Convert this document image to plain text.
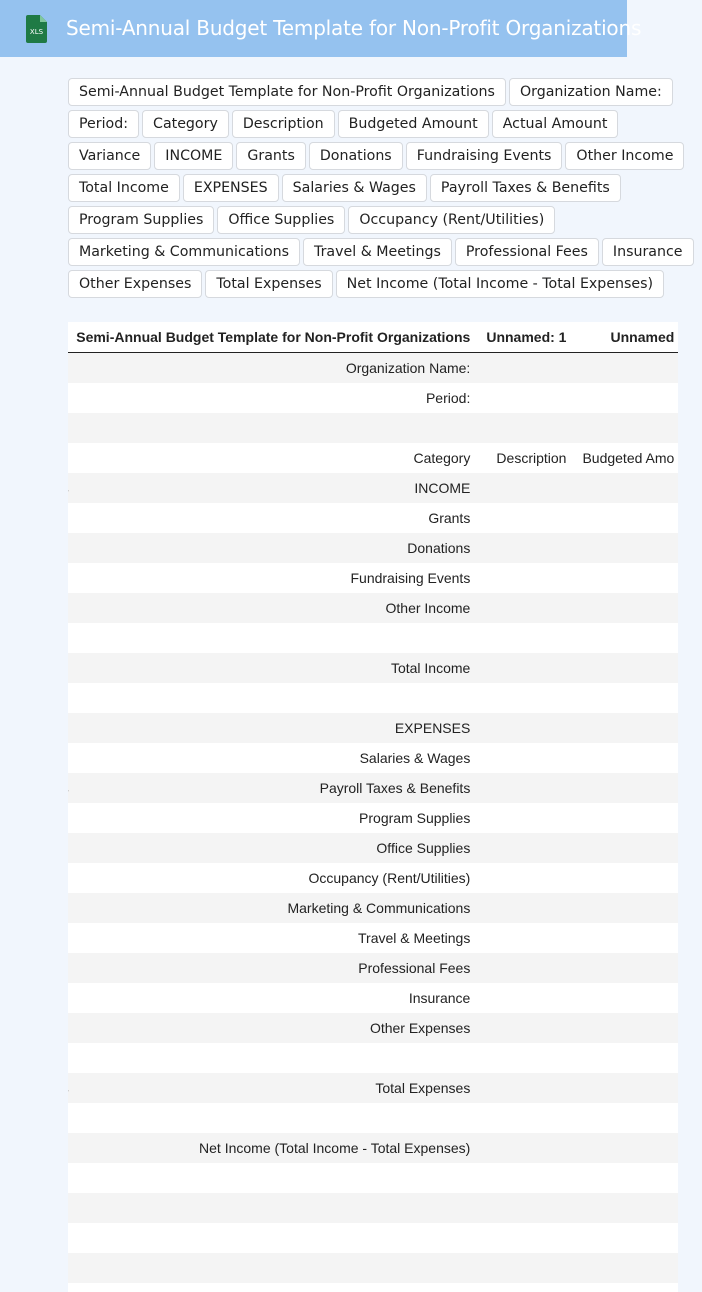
XLS Semi-Annual Budget Template for Non-Profit Organizations
Semi-Annual Budget Template for Non-Profit Organizations	Organization Name:
Period:	Category	Description	Budgeted Amount	Actual Amount
Variance	INCOME	Grants	Donations	Fundraising Events	Other Income
Total Income	EXPENSES	Salaries & Wages	Payroll Taxes & Benefits
Program Supplies	Office Supplies	Occupancy (Rent/Utilities)
Marketing & Communications	Travel & Meetings	Professional Fees	Insurance
Other Expenses	Total Expenses	Net Income (Total Income - Total Expenses)
	Semi-Annual Budget Template for Non-Profit Organizations	Unnamed: 1	Unnamed
	Organization Name:		
	Period:		

	Category	Description	Budgeted Amo
	INCOME		
	Grants		
	Donations		
	Fundraising Events		
	Other Income		

	Total Income		

	EXPENSES		
	Salaries & Wages		
	Payroll Taxes & Benefits		
	Program Supplies		
	Office Supplies		
	Occupancy (Rent/Utilities)		
	Marketing & Communications		
	Travel & Meetings		
	Professional Fees		
	Insurance		
	Other Expenses		

	Total Expenses		

	Net Income (Total Income - Total Expenses)		
